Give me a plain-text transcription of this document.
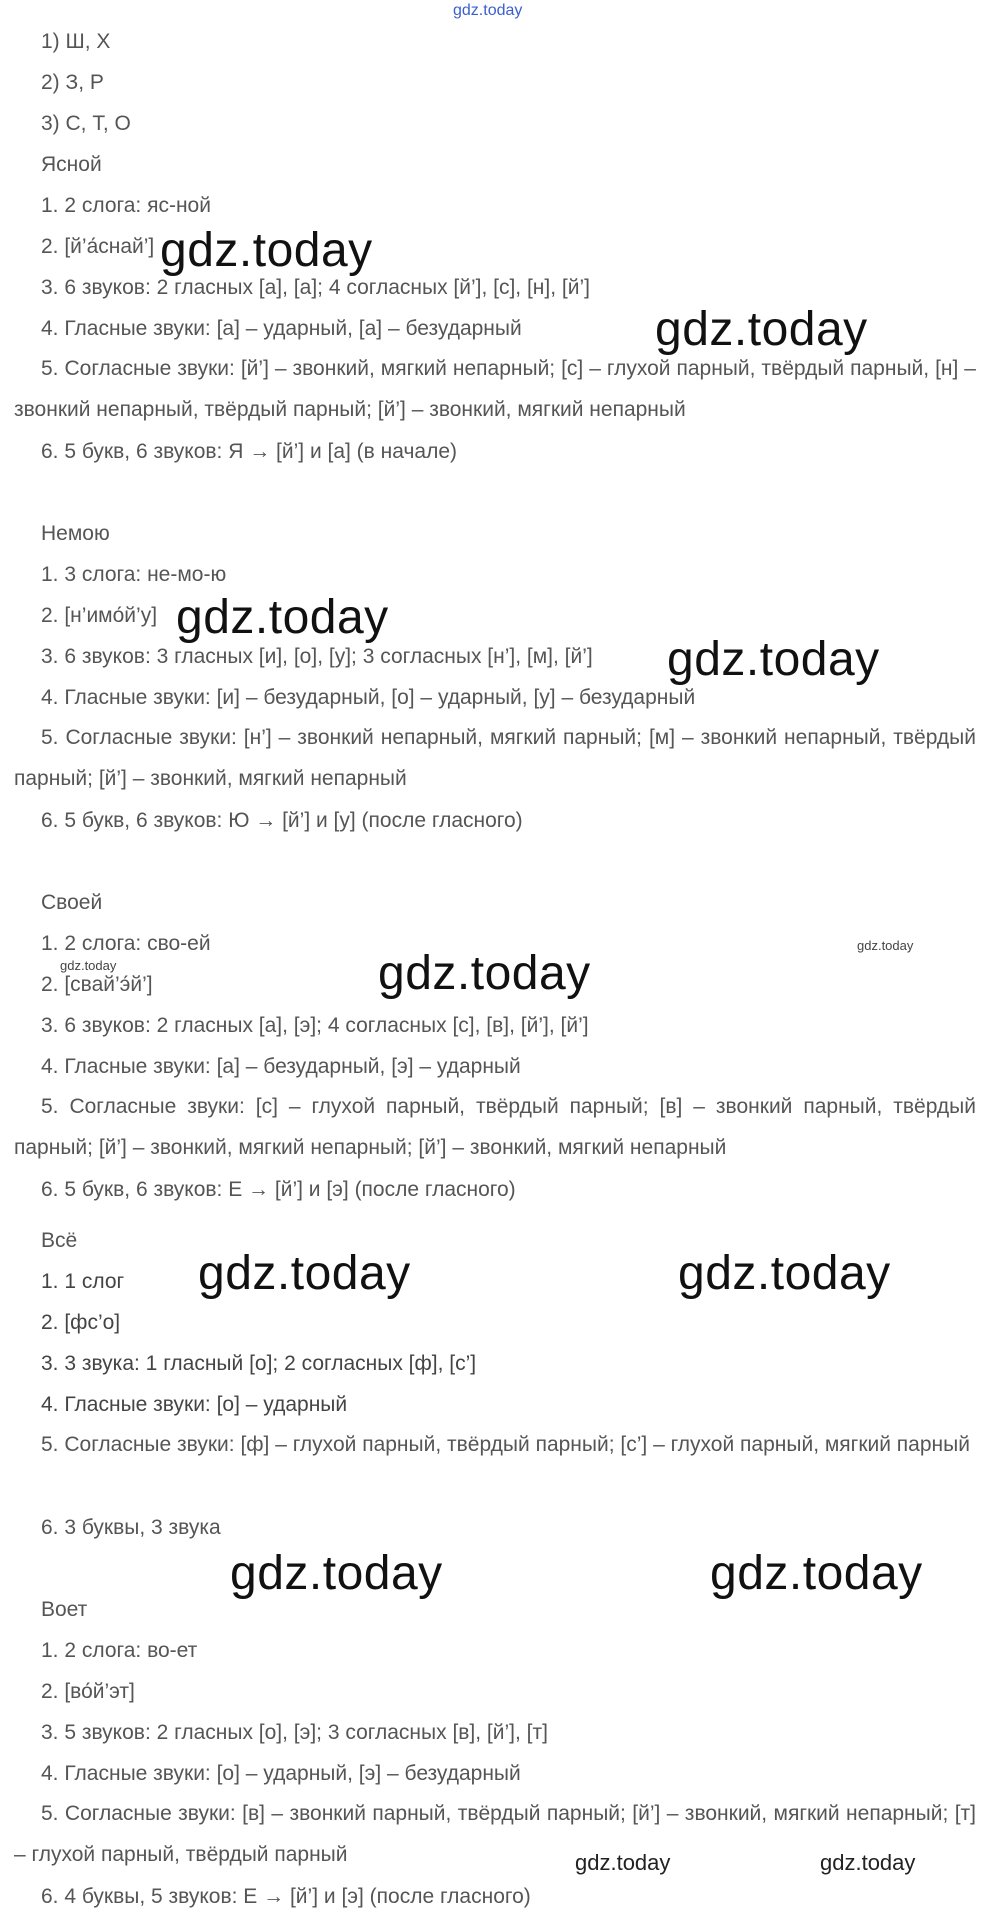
gdz.today
1) Ш, Х
2) З, Р
3) С, Т, О
Ясной
1. 2 слога: яс-ной
2. [й’а́снай’]
3. 6 звуков: 2 гласных [а], [а]; 4 согласных [й’], [с], [н], [й’]
4. Гласные звуки: [а] – ударный, [а] – безударный
5. Согласные звуки: [й’] – звонкий, мягкий непарный; [с] – глухой парный, твёрдый парный, [н] – звонкий непарный, твёрдый парный; [й’] – звонкий, мягкий непарный
6. 5 букв, 6 звуков: Я → [й’] и [а] (в начале)
Немою
1. 3 слога: не-мо-ю
2. [н’имо́й’у]
3. 6 звуков: 3 гласных [и], [о], [у]; 3 согласных [н’], [м], [й’]
4. Гласные звуки: [и] – безударный, [о] – ударный, [у] – безударный
5. Согласные звуки: [н’] – звонкий непарный, мягкий парный; [м] – звонкий непарный, твёрдый парный; [й’] – звонкий, мягкий непарный
6. 5 букв, 6 звуков: Ю → [й’] и [у] (после гласного)
Своей
1. 2 слога: сво-ей
2. [свай’э́й’]
3. 6 звуков: 2 гласных [а], [э]; 4 согласных [с], [в], [й’], [й’]
4. Гласные звуки: [а] – безударный, [э] – ударный
5. Согласные звуки: [с] – глухой парный, твёрдый парный; [в] – звонкий парный, твёрдый парный; [й’] – звонкий, мягкий непарный; [й’] – звонкий, мягкий непарный
6. 5 букв, 6 звуков: Е → [й’] и [э] (после гласного)
Всё
1. 1 слог
2. [фс’о]
3. 3 звука: 1 гласный [о]; 2 согласных [ф], [с’]
4. Гласные звуки: [о] – ударный
5. Согласные звуки: [ф] – глухой парный, твёрдый парный; [с’] – глухой парный, мягкий парный
6. 3 буквы, 3 звука
Воет
1. 2 слога: во-ет
2. [во́й’эт]
3. 5 звуков: 2 гласных [о], [э]; 3 согласных [в], [й’], [т]
4. Гласные звуки: [о] – ударный, [э] – безударный
5. Согласные звуки: [в] – звонкий парный, твёрдый парный; [й’] – звонкий, мягкий непарный; [т] – глухой парный, твёрдый парный
6. 4 буквы, 5 звуков: Е → [й’] и [э] (после гласного)
gdz.today
gdz.today
gdz.today
gdz.today
gdz.today
gdz.today	gdz.today
gdz.today	gdz.today
gdz.today
gdz.today
gdz.today	gdz.today
